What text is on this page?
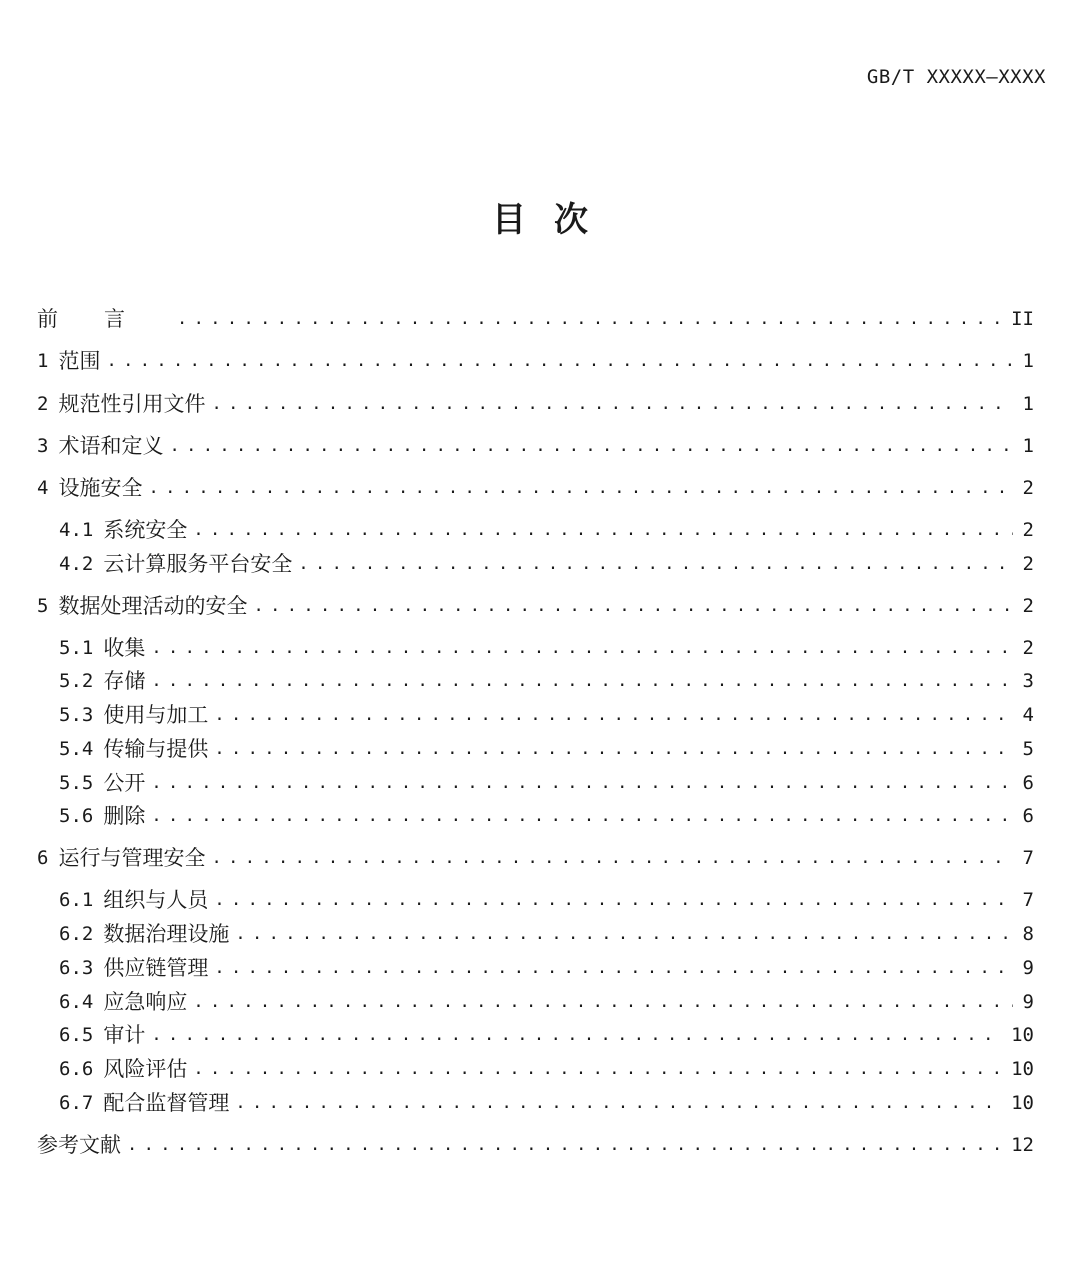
GB/T XXXXX—XXXX
目次
前言 .....	II
1 范围 .....	1
2 规范性引用文件 .....	1
3 术语和定义 .....	1
4 设施安全 .....	2
4.1 系统安全 .....	2
4.2 云计算服务平台安全 .....	2
5 数据处理活动的安全 .....	2
5.1 收集 .....	2
5.2 存储 .....	3
5.3 使用与加工 .....	4
5.4 传输与提供 .....	5
5.5 公开 .....	6
5.6 删除 .....	6
6 运行与管理安全 .....	7
6.1 组织与人员 .....	7
6.2 数据治理设施 .....	8
6.3 供应链管理 .....	9
6.4 应急响应 .....	9
6.5 审计 .....	10
6.6 风险评估 .....	10
6.7 配合监督管理 .....	10
参考文献 .....	12
